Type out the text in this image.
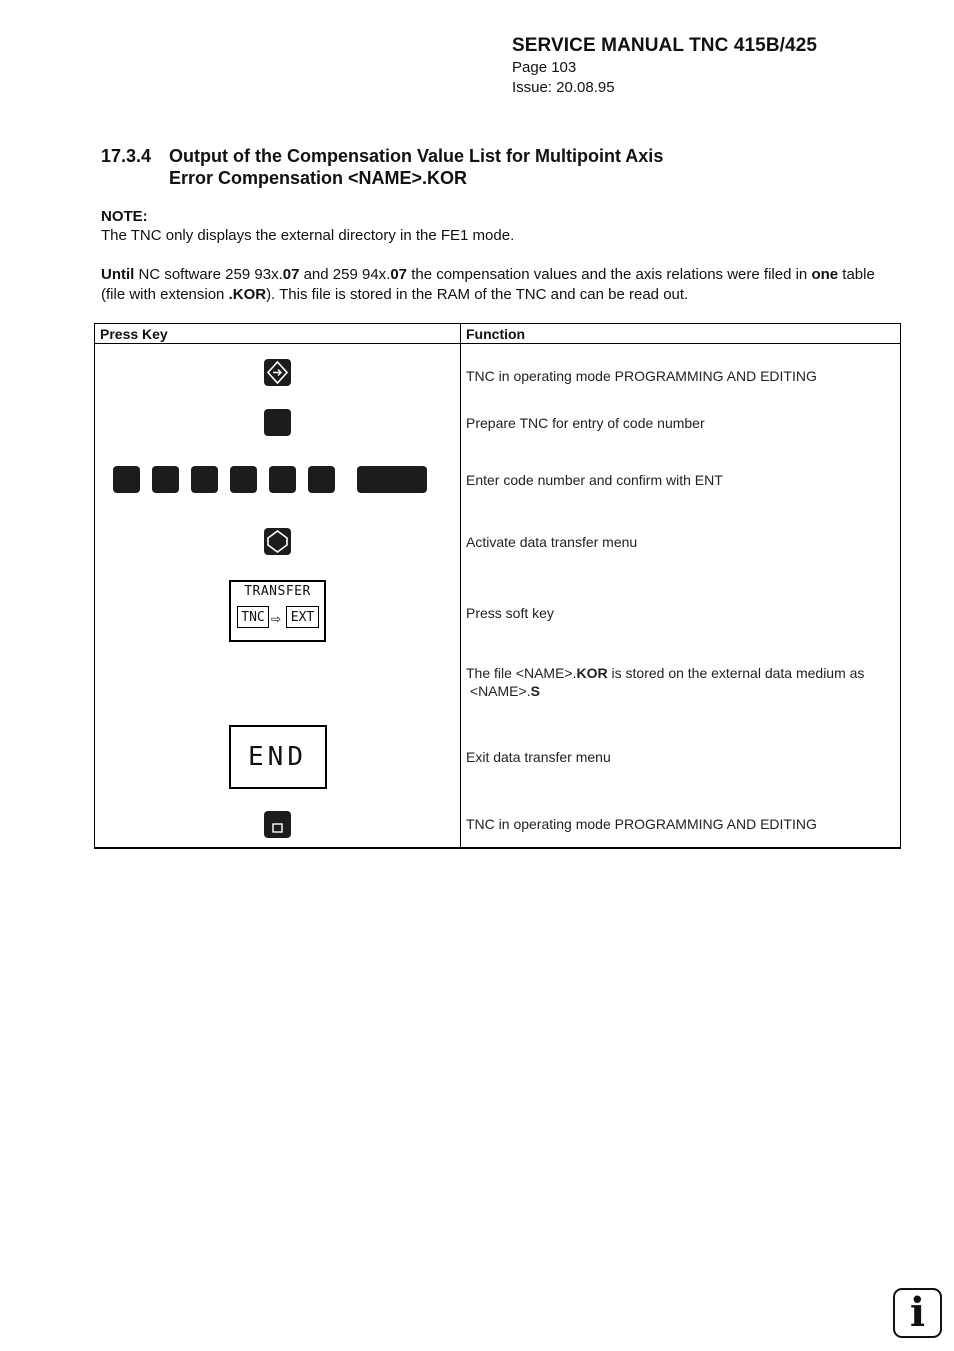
SERVICE MANUAL TNC 415B/425
Page 103
Issue: 20.08.95
17.3.4 Output of the Compensation Value List for Multipoint Axis
Error Compensation <NAME>.KOR
NOTE:
The TNC only displays the external directory in the FE1 mode.
Until NC software 259 93x.07 and 259 94x.07 the compensation values and the axis relations were filed in one table (file with extension .KOR). This file is stored in the RAM of the TNC and can be read out.
Press Key	Function

	TNC in operating mode PROGRAMMING AND EDITING
	Prepare TNC for entry of code number
	Enter code number and confirm with ENT

	Activate data transfer menu

TRANSFER
TNC ⇨ EXT	Press soft key
	The file <NAME>.KOR is stored on the external data medium as
<NAME>.S
END	Exit data transfer menu

	TNC in operating mode PROGRAMMING AND EDITING
i
